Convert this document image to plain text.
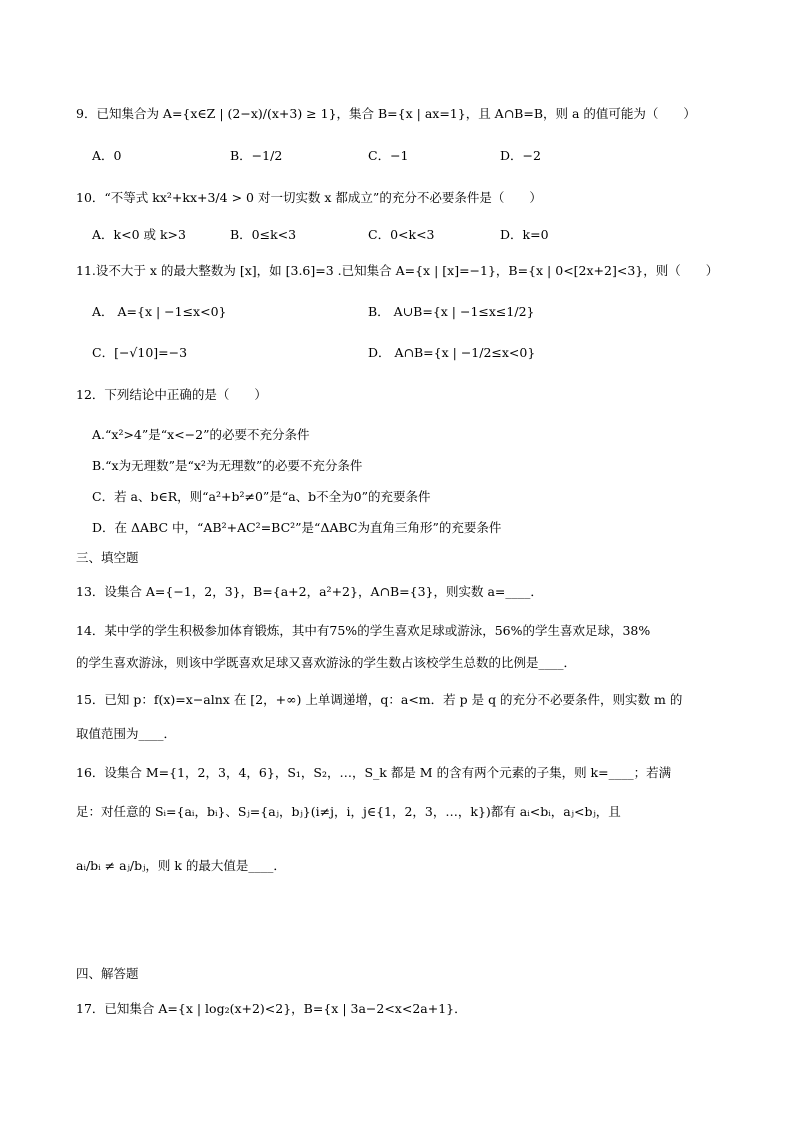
9．已知集合为 A={x∈Z | (2−x)/(x+3) ≥ 1}，集合 B={x | ax=1}，且 A∩B=B，则 a 的值可能为（　　）
A．0	B．−1/2	C．−1	D．−2
10．“不等式 kx²+kx+3/4 > 0 对一切实数 x 都成立”的充分不必要条件是（　　）
A．k<0 或 k>3	B．0≤k<3	C．0<k<3	D．k=0
11.设不大于 x 的最大整数为 [x]，如 [3.6]=3 .已知集合 A={x | [x]=−1}，B={x | 0<[2x+2]<3}，则（　　）
A． A={x | −1≤x<0}	B． A∪B={x | −1≤x≤1/2}
C．[−√10]=−3	D． A∩B={x | −1/2≤x<0}
12．下列结论中正确的是（　　）
A.“x²>4”是“x<−2”的必要不充分条件
B.“x为无理数”是“x²为无理数”的必要不充分条件
C．若 a、b∈R，则“a²+b²≠0”是“a、b不全为0”的充要条件
D．在 ΔABC 中，“AB²+AC²=BC²”是“ΔABC为直角三角形”的充要条件
三、填空题
13．设集合 A={−1，2，3}，B={a+2，a²+2}，A∩B={3}，则实数 a=____．
14．某中学的学生积极参加体育锻炼，其中有75%的学生喜欢足球或游泳，56%的学生喜欢足球，38%
的学生喜欢游泳，则该中学既喜欢足球又喜欢游泳的学生数占该校学生总数的比例是____．
15．已知 p：f(x)=x−alnx 在 [2，+∞) 上单调递增，q：a<m．若 p 是 q 的充分不必要条件，则实数 m 的
取值范围为____．
16．设集合 M={1，2，3，4，6}，S₁，S₂，…，S_k 都是 M 的含有两个元素的子集，则 k=____；若满
足：对任意的 Sᵢ={aᵢ，bᵢ}、Sⱼ={aⱼ，bⱼ}(i≠j，i，j∈{1，2，3，…，k})都有 aᵢ<bᵢ，aⱼ<bⱼ，且
aᵢ/bᵢ ≠ aⱼ/bⱼ，则 k 的最大值是____．
四、解答题
17．已知集合 A={x | log₂(x+2)<2}，B={x | 3a−2<x<2a+1}．
